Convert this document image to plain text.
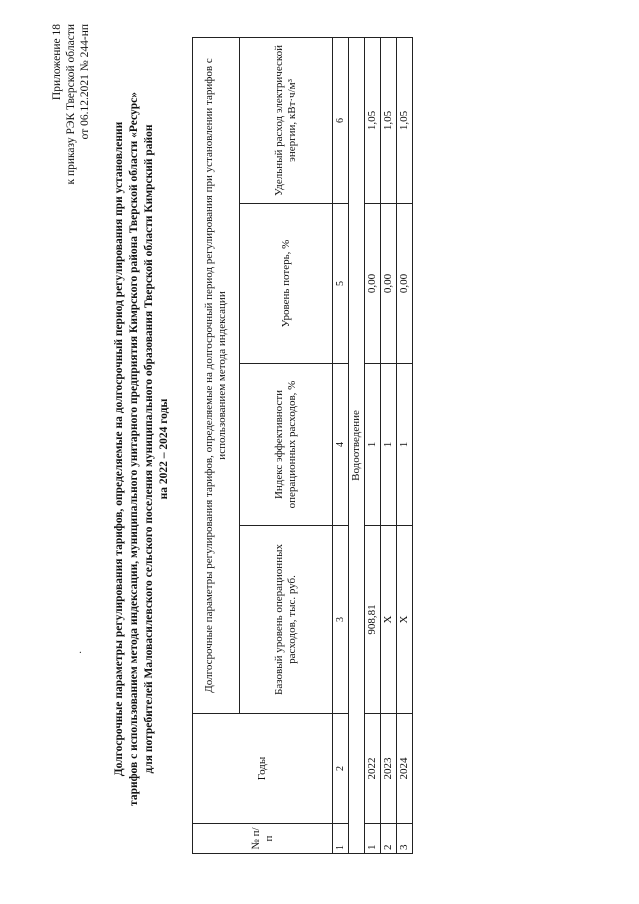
·
Приложение 18 к приказу РЭК Тверской области от 06.12.2021 № 244-нп
Долгосрочные параметры регулирования тарифов, определяемые на долгосрочный период регулирования при установлении тарифов с использованием метода индексации, муниципального унитарного предприятия Кимрского района Тверской области «Ресурс» для потребителей Маловасилевского сельского поселения муниципального образования Тверской области Кимрский район на 2022 – 2024 годы
№ п/п	Годы	Долгосрочные параметры регулирования тарифов, определяемые на долгосрочный период регулирования при установлении тарифов с использованием метода индексации			
		Базовый уровень операционных расходов, тыс. руб.	Индекс эффективности операционных расходов, %	Уровень потерь, %	Удельный расход электрической энергии, кВт·ч/м³
1	2	3	4	5	6
Водоотведение					
1	2022	908,81	1	0,00	1,05
2	2023	X	1	0,00	1,05
3	2024	X	1	0,00	1,05
